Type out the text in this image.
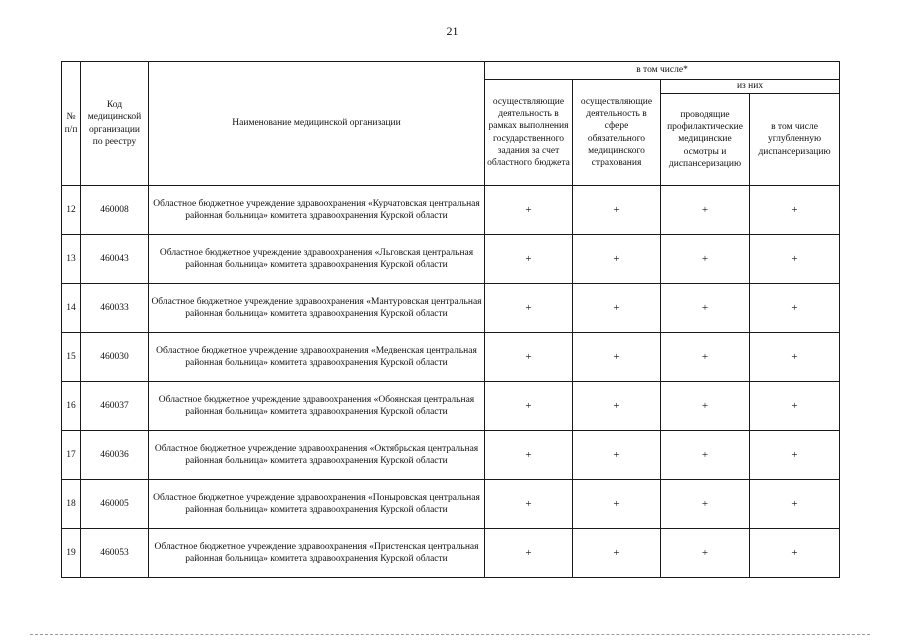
21
№ п/п	Код медицинской организации по реестру	Наименование медицинской организации	в том числе*			
			осуществляющие деятельность в рамках выполнения государственного задания за счет областного бюджета	осуществляющие деятельность в сфере обязательного медицинского страхования	из них	
					проводящие профилактические медицинские осмотры и диспансеризацию	в том числе углубленную диспансеризацию
12	460008	Областное бюджетное учреждение здравоохранения «Курчатовская центральная районная больница» комитета здравоохранения Курской области	+	+	+	+
13	460043	Областное бюджетное учреждение здравоохранения «Льговская центральная районная больница» комитета здравоохранения Курской области	+	+	+	+
14	460033	Областное бюджетное учреждение здравоохранения «Мантуровская центральная районная больница» комитета здравоохранения Курской области	+	+	+	+
15	460030	Областное бюджетное учреждение здравоохранения «Медвенская центральная районная больница» комитета здравоохранения Курской области	+	+	+	+
16	460037	Областное бюджетное учреждение здравоохранения «Обоянская центральная районная больница» комитета здравоохранения Курской области	+	+	+	+
17	460036	Областное бюджетное учреждение здравоохранения «Октябрьская центральная районная больница» комитета здравоохранения Курской области	+	+	+	+
18	460005	Областное бюджетное учреждение здравоохранения «Поныровская центральная районная больница» комитета здравоохранения Курской области	+	+	+	+
19	460053	Областное бюджетное учреждение здравоохранения «Пристенская центральная районная больница» комитета здравоохранения Курской области	+	+	+	+
